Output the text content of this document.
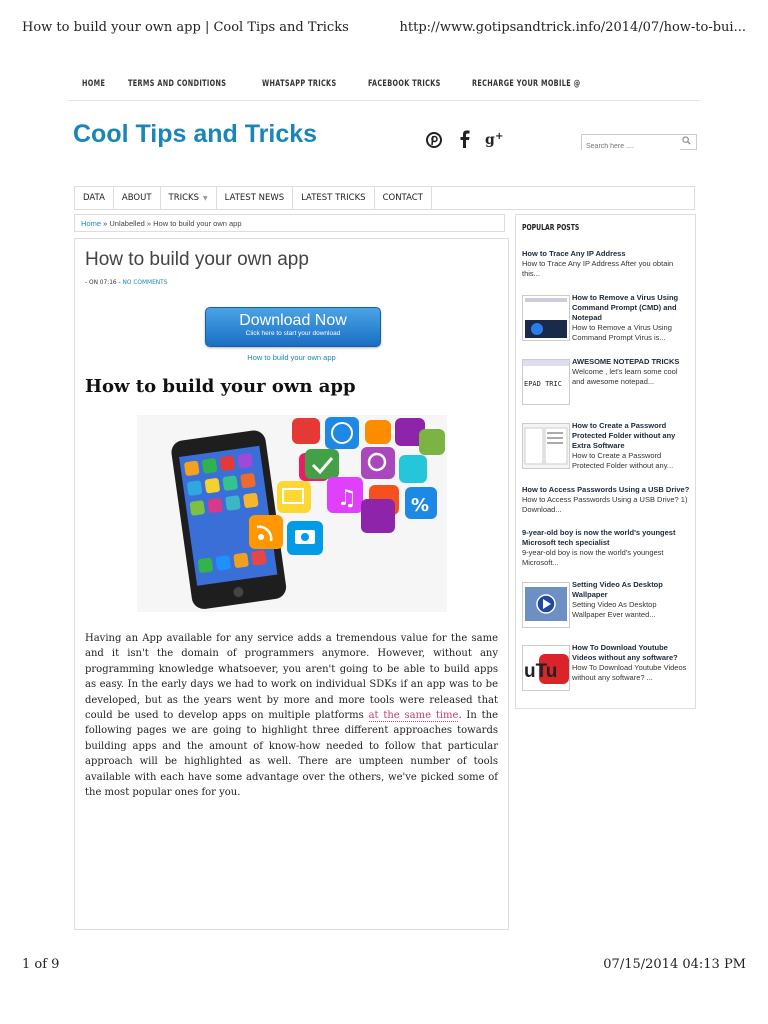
How to build your own app | Cool Tips and Tricks	http://www.gotipsandtrick.info/2014/07/how-to-bui...
HOME	TERMS AND CONDITIONS	WHATSAPP TRICKS	FACEBOOK TRICKS	RECHARGE YOUR MOBILE @
Cool Tips and Tricks
	g +
Search here ....
DATA	ABOUT	TRICKS ▼	LATEST NEWS	LATEST TRICKS	CONTACT
Home » Unlabelled » How to build your own app
How to build your own app
- ON 07:16 - NO COMMENTS
Download Now
Click here to start your download
How to build your own app
How to build your own app
♫	%
Having an App available for any service adds a tremendous value for the same and it isn't the domain of programmers anymore. However, without any programming knowledge whatsoever, you aren't going to be able to build apps as easy. In the early days we had to work on individual SDKs if an app was to be developed, but as the years went by more and more tools were released that could be used to develop apps on multiple platforms at the same time. In the following pages we are going to highlight three different approaches towards building apps and the amount of know-how needed to follow that particular approach will be highlighted as well. There are umpteen number of tools available with each have some advantage over the others, we've picked some of the most popular ones for you.
POPULAR POSTS
How to Trace Any IP Address
How to Trace Any IP Address After you obtain this...
How to Remove a Virus Using Command Prompt (CMD) and Notepad
How to Remove a Virus Using Command Prompt Virus is...
EPAD TRIC
AWESOME NOTEPAD TRICKS
Welcome , let's learn some cool and awesome notepad...
How to Create a Password Protected Folder without any Extra Software
How to Create a Password Protected Folder without any...
How to Access Passwords Using a USB Drive?
How to Access Passwords Using a USB Drive? 1) Download...
9-year-old boy is now the world's youngest Microsoft tech specialist
9-year-old boy is now the world's youngest Microsoft...
Setting Video As Desktop Wallpaper
Setting Video As Desktop Wallpaper Ever wanted...
uTu
How To Download Youtube Videos without any software?
How To Download Youtube Videos without any software? ...
1 of 9	07/15/2014 04:13 PM
